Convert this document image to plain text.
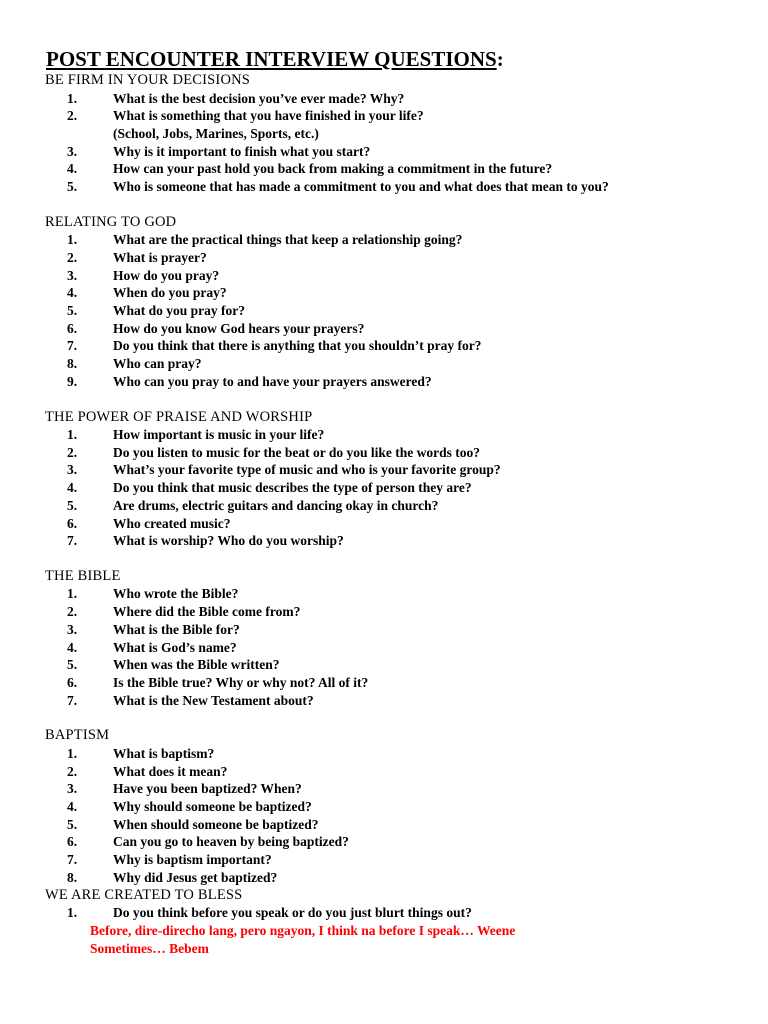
POST ENCOUNTER INTERVIEW QUESTIONS:
BE FIRM IN YOUR DECISIONS
1.	What is the best decision you’ve ever made? Why?
2.	What is something that you have finished in your life?
(School, Jobs, Marines, Sports, etc.)
3.	Why is it important to finish what you start?
4.	How can your past hold you back from making a commitment in the future?
5.	Who is someone that has made a commitment to you and what does that mean to you?
RELATING TO GOD
1.	What are the practical things that keep a relationship going?
2.	What is prayer?
3.	How do you pray?
4.	When do you pray?
5.	What do you pray for?
6.	How do you know God hears your prayers?
7.	Do you think that there is anything that you shouldn’t pray for?
8.	Who can pray?
9.	Who can you pray to and have your prayers answered?
THE POWER OF PRAISE AND WORSHIP
1.	How important is music in your life?
2.	Do you listen to music for the beat or do you like the words too?
3.	What’s your favorite type of music and who is your favorite group?
4.	Do you think that music describes the type of person they are?
5.	Are drums, electric guitars and dancing okay in church?
6.	Who created music?
7.	What is worship? Who do you worship?
THE BIBLE
1.	Who wrote the Bible?
2.	Where did the Bible come from?
3.	What is the Bible for?
4.	What is God’s name?
5.	When was the Bible written?
6.	Is the Bible true? Why or why not? All of it?
7.	What is the New Testament about?
BAPTISM
1.	What is baptism?
2.	What does it mean?
3.	Have you been baptized? When?
4.	Why should someone be baptized?
5.	When should someone be baptized?
6.	Can you go to heaven by being baptized?
7.	Why is baptism important?
8.	Why did Jesus get baptized?
WE ARE CREATED TO BLESS
1.	Do you think before you speak or do you just blurt things out?
Before, dire-direcho lang, pero ngayon, I think na before I speak… Weene
Sometimes… Bebem
